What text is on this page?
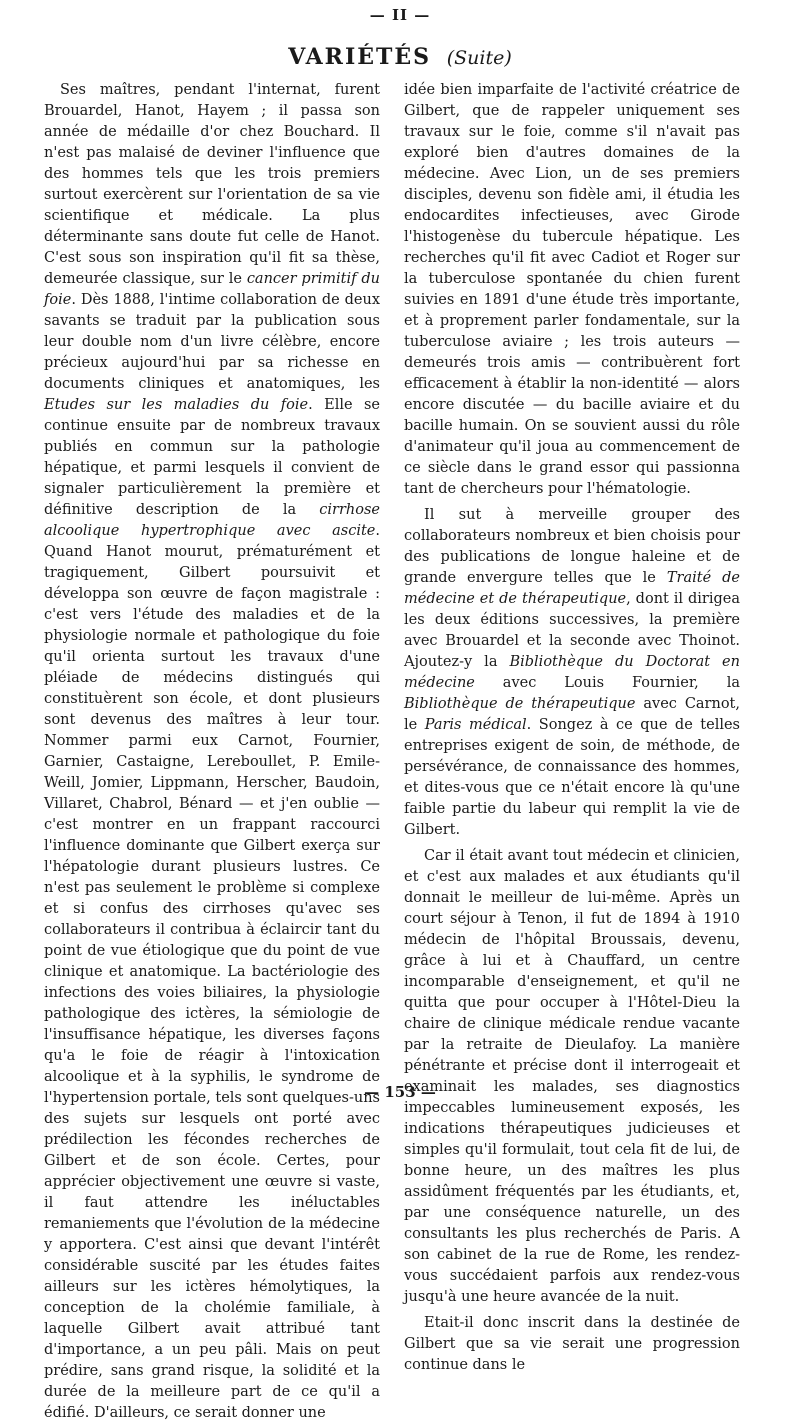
— II —
VARIÉTÉS (Suite)

Ses maîtres, pendant l'internat, furent Brouardel, Hanot, Hayem ; il passa son année de médaille d'or chez Bouchard. Il n'est pas malaisé de deviner l'influence que des hommes tels que les trois premiers surtout exercèrent sur l'orientation de sa vie scientifique et médicale. La plus déterminante sans doute fut celle de Hanot. C'est sous son inspiration qu'il fit sa thèse, demeurée classique, sur le cancer primitif du foie. Dès 1888, l'intime collaboration de deux savants se traduit par la publication sous leur double nom d'un livre célèbre, encore précieux aujourd'hui par sa richesse en documents cliniques et anatomiques, les Etudes sur les maladies du foie. Elle se continue ensuite par de nombreux travaux publiés en commun sur la pathologie hépatique, et parmi lesquels il convient de signaler particulièrement la première et définitive description de la cirrhose alcoolique hypertrophique avec ascite. Quand Hanot mourut, prématurément et tragiquement, Gilbert poursuivit et développa son œuvre de façon magistrale : c'est vers l'étude des maladies et de la physiologie normale et pathologique du foie qu'il orienta surtout les travaux d'une pléiade de médecins distingués qui constituèrent son école, et dont plusieurs sont devenus des maîtres à leur tour. Nommer parmi eux Carnot, Fournier, Garnier, Castaigne, Lereboullet, P. Emile-Weill, Jomier, Lippmann, Herscher, Baudoin, Villaret, Chabrol, Bénard — et j'en oublie — c'est montrer en un frappant raccourci l'influence dominante que Gilbert exerça sur l'hépatologie durant plusieurs lustres. Ce n'est pas seulement le problème si complexe et si confus des cirrhoses qu'avec ses collaborateurs il contribua à éclaircir tant du point de vue étiologique que du point de vue clinique et anatomique. La bactériologie des infections des voies biliaires, la physiologie pathologique des ictères, la sémiologie de l'insuffisance hépatique, les diverses façons qu'a le foie de réagir à l'intoxication alcoolique et à la syphilis, le syndrome de l'hypertension portale, tels sont quelques-uns des sujets sur lesquels ont porté avec prédilection les fécondes recherches de Gilbert et de son école. Certes, pour apprécier objectivement une œuvre si vaste, il faut attendre les inéluctables remaniements que l'évolution de la médecine y apportera. C'est ainsi que devant l'intérêt considérable suscité par les études faites ailleurs sur les ictères hémolytiques, la conception de la cholémie familiale, à laquelle Gilbert avait attribué tant d'importance, a un peu pâli. Mais on peut prédire, sans grand risque, la solidité et la durée de la meilleure part de ce qu'il a édifié. D'ailleurs, ce serait donner une

idée bien imparfaite de l'activité créatrice de Gilbert, que de rappeler uniquement ses travaux sur le foie, comme s'il n'avait pas exploré bien d'autres domaines de la médecine. Avec Lion, un de ses premiers disciples, devenu son fidèle ami, il étudia les endocardites infectieuses, avec Girode l'histogenèse du tubercule hépatique. Les recherches qu'il fit avec Cadiot et Roger sur la tuberculose spontanée du chien furent suivies en 1891 d'une étude très importante, et à proprement parler fondamentale, sur la tuberculose aviaire ; les trois auteurs — demeurés trois amis — contribuèrent fort efficacement à établir la non-identité — alors encore discutée — du bacille aviaire et du bacille humain. On se souvient aussi du rôle d'animateur qu'il joua au commencement de ce siècle dans le grand essor qui passionna tant de chercheurs pour l'hématologie.

Il sut à merveille grouper des collaborateurs nombreux et bien choisis pour des publications de longue haleine et de grande envergure telles que le Traité de médecine et de thérapeutique, dont il dirigea les deux éditions successives, la première avec Brouardel et la seconde avec Thoinot. Ajoutez-y la Bibliothèque du Doctorat en médecine avec Louis Fournier, la Bibliothèque de thérapeutique avec Carnot, le Paris médical. Songez à ce que de telles entreprises exigent de soin, de méthode, de persévérance, de connaissance des hommes, et dites-vous que ce n'était encore là qu'une faible partie du labeur qui remplit la vie de Gilbert.

Car il était avant tout médecin et clinicien, et c'est aux malades et aux étudiants qu'il donnait le meilleur de lui-même. Après un court séjour à Tenon, il fut de 1894 à 1910 médecin de l'hôpital Broussais, devenu, grâce à lui et à Chauffard, un centre incomparable d'enseignement, et qu'il ne quitta que pour occuper à l'Hôtel-Dieu la chaire de clinique médicale rendue vacante par la retraite de Dieulafoy. La manière pénétrante et précise dont il interrogeait et examinait les malades, ses diagnostics impeccables lumineusement exposés, les indications thérapeutiques judicieuses et simples qu'il formulait, tout cela fit de lui, de bonne heure, un des maîtres les plus assidûment fréquentés par les étudiants, et, par une conséquence naturelle, un des consultants les plus recherchés de Paris. A son cabinet de la rue de Rome, les rendez-vous succédaient parfois aux rendez-vous jusqu'à une heure avancée de la nuit.

Etait-il donc inscrit dans la destinée de Gilbert que sa vie serait une progression continue dans le

— 153 —
